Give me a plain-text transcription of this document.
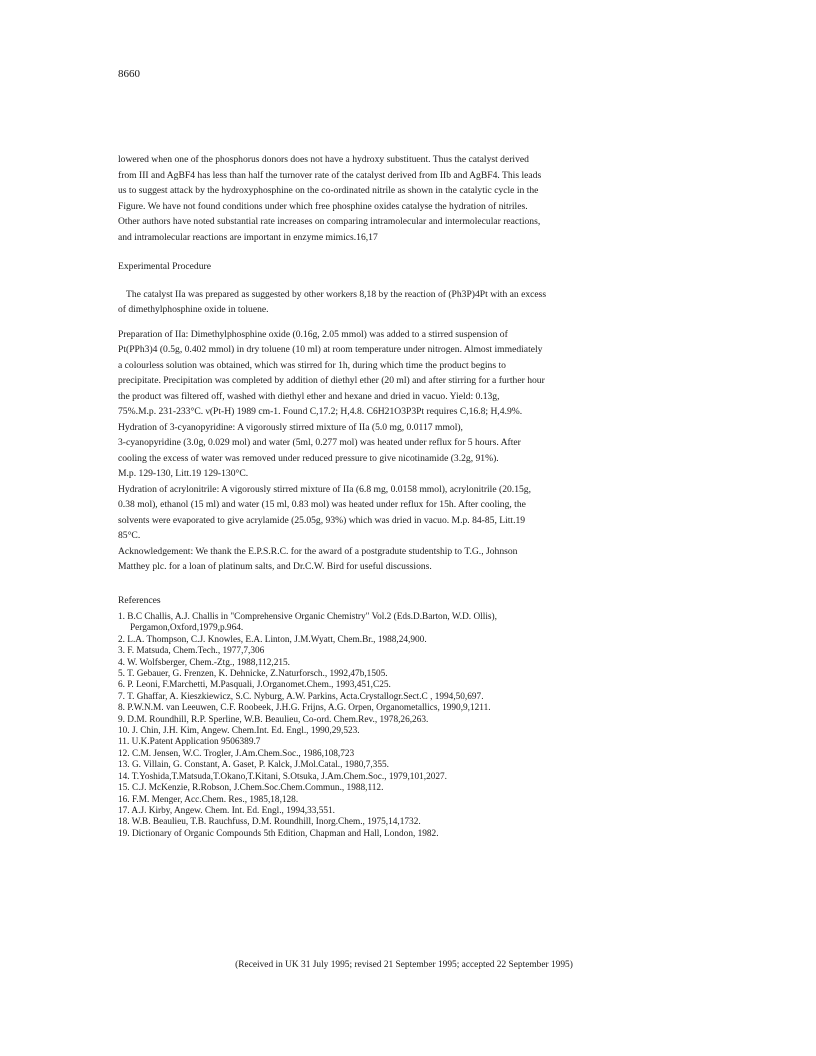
8660
lowered when one of the phosphorus donors does not have a hydroxy substituent. Thus the catalyst derived
from III and AgBF4 has less than half the turnover rate of the catalyst derived from IIb and AgBF4. This leads
us to suggest attack by the hydroxyphosphine on the co-ordinated nitrile as shown in the catalytic cycle in the
Figure. We have not found conditions under which free phosphine oxides catalyse the hydration of nitriles.
Other authors have noted substantial rate increases on comparing intramolecular and intermolecular reactions,
and intramolecular reactions are important in enzyme mimics.16,17
Experimental Procedure
The catalyst IIa was prepared as suggested by other workers 8,18 by the reaction of (Ph3P)4Pt with an excess
of dimethylphosphine oxide in toluene.
Preparation of IIa: Dimethylphosphine oxide (0.16g, 2.05 mmol) was added to a stirred suspension of
Pt(PPh3)4 (0.5g, 0.402 mmol) in dry toluene (10 ml) at room temperature under nitrogen. Almost immediately
a colourless solution was obtained, which was stirred for 1h, during which time the product begins to
precipitate. Precipitation was completed by addition of diethyl ether (20 ml) and after stirring for a further hour
the product was filtered off, washed with diethyl ether and hexane and dried in vacuo. Yield: 0.13g,
75%.M.p. 231-233°C. ν(Pt-H) 1989 cm-1. Found C,17.2; H,4.8. C6H21O3P3Pt requires C,16.8; H,4.9%.
Hydration of 3-cyanopyridine: A vigorously stirred mixture of IIa (5.0 mg, 0.0117 mmol),
3-cyanopyridine (3.0g, 0.029 mol) and water (5ml, 0.277 mol) was heated under reflux for 5 hours. After
cooling the excess of water was removed under reduced pressure to give nicotinamide (3.2g, 91%).
M.p. 129-130, Litt.19 129-130°C.
Hydration of acrylonitrile: A vigorously stirred mixture of IIa (6.8 mg, 0.0158 mmol), acrylonitrile (20.15g,
0.38 mol), ethanol (15 ml) and water (15 ml, 0.83 mol) was heated under reflux for 15h. After cooling, the
solvents were evaporated to give acrylamide (25.05g, 93%) which was dried in vacuo. M.p. 84-85, Litt.19
85°C.
Acknowledgement: We thank the E.P.S.R.C. for the award of a postgradute studentship to T.G., Johnson
Matthey plc. for a loan of platinum salts, and Dr.C.W. Bird for useful discussions.
References
1. B.C Challis, A.J. Challis in "Comprehensive Organic Chemistry" Vol.2 (Eds.D.Barton, W.D. Ollis),
Pergamon,Oxford,1979,p.964.
2. L.A. Thompson, C.J. Knowles, E.A. Linton, J.M.Wyatt, Chem.Br., 1988,24,900.
3. F. Matsuda, Chem.Tech., 1977,7,306
4. W. Wolfsberger, Chem.-Ztg., 1988,112,215.
5. T. Gebauer, G. Frenzen, K. Dehnicke, Z.Naturforsch., 1992,47b,1505.
6. P. Leoni, F.Marchetti, M.Pasquali, J.Organomet.Chem., 1993,451,C25.
7. T. Ghaffar, A. Kieszkiewicz, S.C. Nyburg, A.W. Parkins, Acta.Crystallogr.Sect.C , 1994,50,697.
8. P.W.N.M. van Leeuwen, C.F. Roobeek, J.H.G. Frijns, A.G. Orpen, Organometallics, 1990,9,1211.
9. D.M. Roundhill, R.P. Sperline, W.B. Beaulieu, Co-ord. Chem.Rev., 1978,26,263.
10. J. Chin, J.H. Kim, Angew. Chem.Int. Ed. Engl., 1990,29,523.
11. U.K.Patent Application 9506389.7
12. C.M. Jensen, W.C. Trogler, J.Am.Chem.Soc., 1986,108,723
13. G. Villain, G. Constant, A. Gaset, P. Kalck, J.Mol.Catal., 1980,7,355.
14. T.Yoshida,T.Matsuda,T.Okano,T.Kitani, S.Otsuka, J.Am.Chem.Soc., 1979,101,2027.
15. C.J. McKenzie, R.Robson, J.Chem.Soc.Chem.Commun., 1988,112.
16. F.M. Menger, Acc.Chem. Res., 1985,18,128.
17. A.J. Kirby, Angew. Chem. Int. Ed. Engl., 1994,33,551.
18. W.B. Beaulieu, T.B. Rauchfuss, D.M. Roundhill, Inorg.Chem., 1975,14,1732.
19. Dictionary of Organic Compounds 5th Edition, Chapman and Hall, London, 1982.
(Received in UK 31 July 1995; revised 21 September 1995; accepted 22 September 1995)
